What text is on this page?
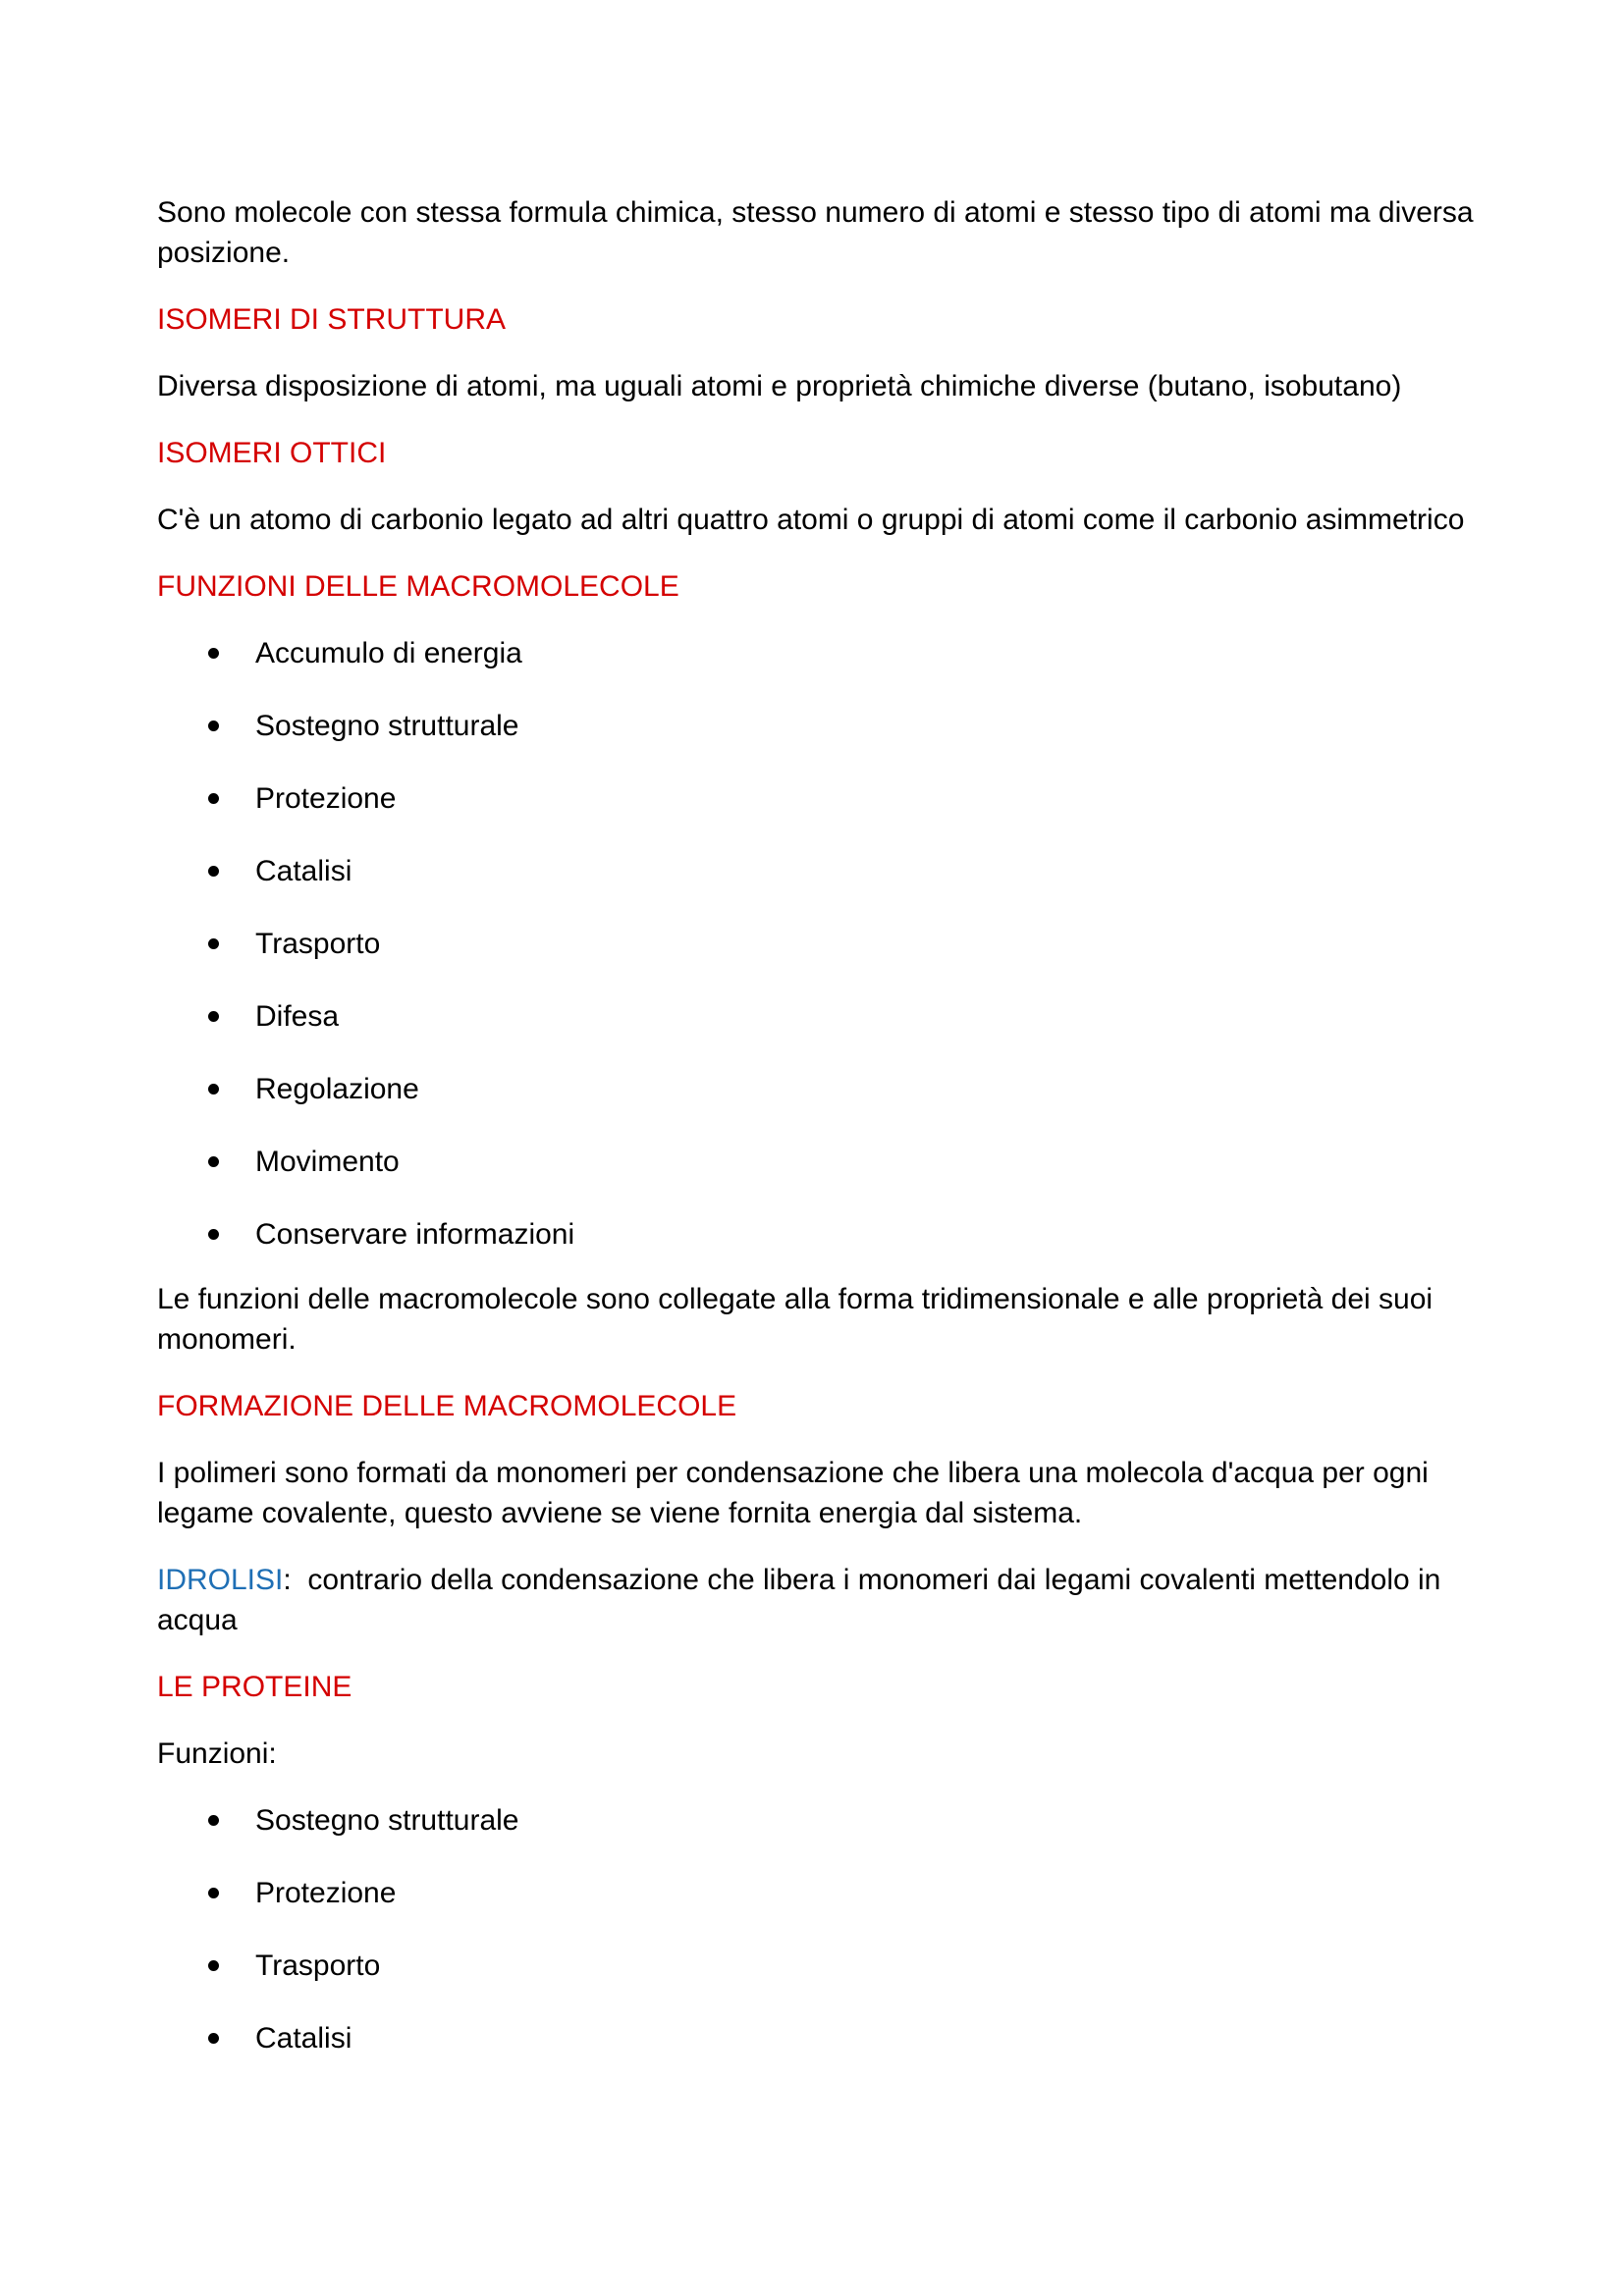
Sono molecole con stessa formula chimica, stesso numero di atomi e stesso tipo di atomi ma diversa posizione.

ISOMERI DI STRUTTURA

Diversa disposizione di atomi, ma uguali atomi e proprietà chimiche diverse (butano, isobutano)

ISOMERI OTTICI

C'è un atomo di carbonio legato ad altri quattro atomi o gruppi di atomi come il carbonio asimmetrico

FUNZIONI DELLE MACROMOLECOLE

Accumulo di energia
Sostegno strutturale
Protezione
Catalisi
Trasporto
Difesa
Regolazione
Movimento
Conservare informazioni

Le funzioni delle macromolecole sono collegate alla forma tridimensionale e alle proprietà dei suoi monomeri.

FORMAZIONE DELLE MACROMOLECOLE

I polimeri sono formati da monomeri per condensazione che libera una molecola d'acqua per ogni legame covalente, questo avviene se viene fornita energia dal sistema.

IDROLISI:  contrario della condensazione che libera i monomeri dai legami covalenti mettendolo in acqua

LE PROTEINE

Funzioni:

Sostegno strutturale
Protezione
Trasporto
Catalisi
